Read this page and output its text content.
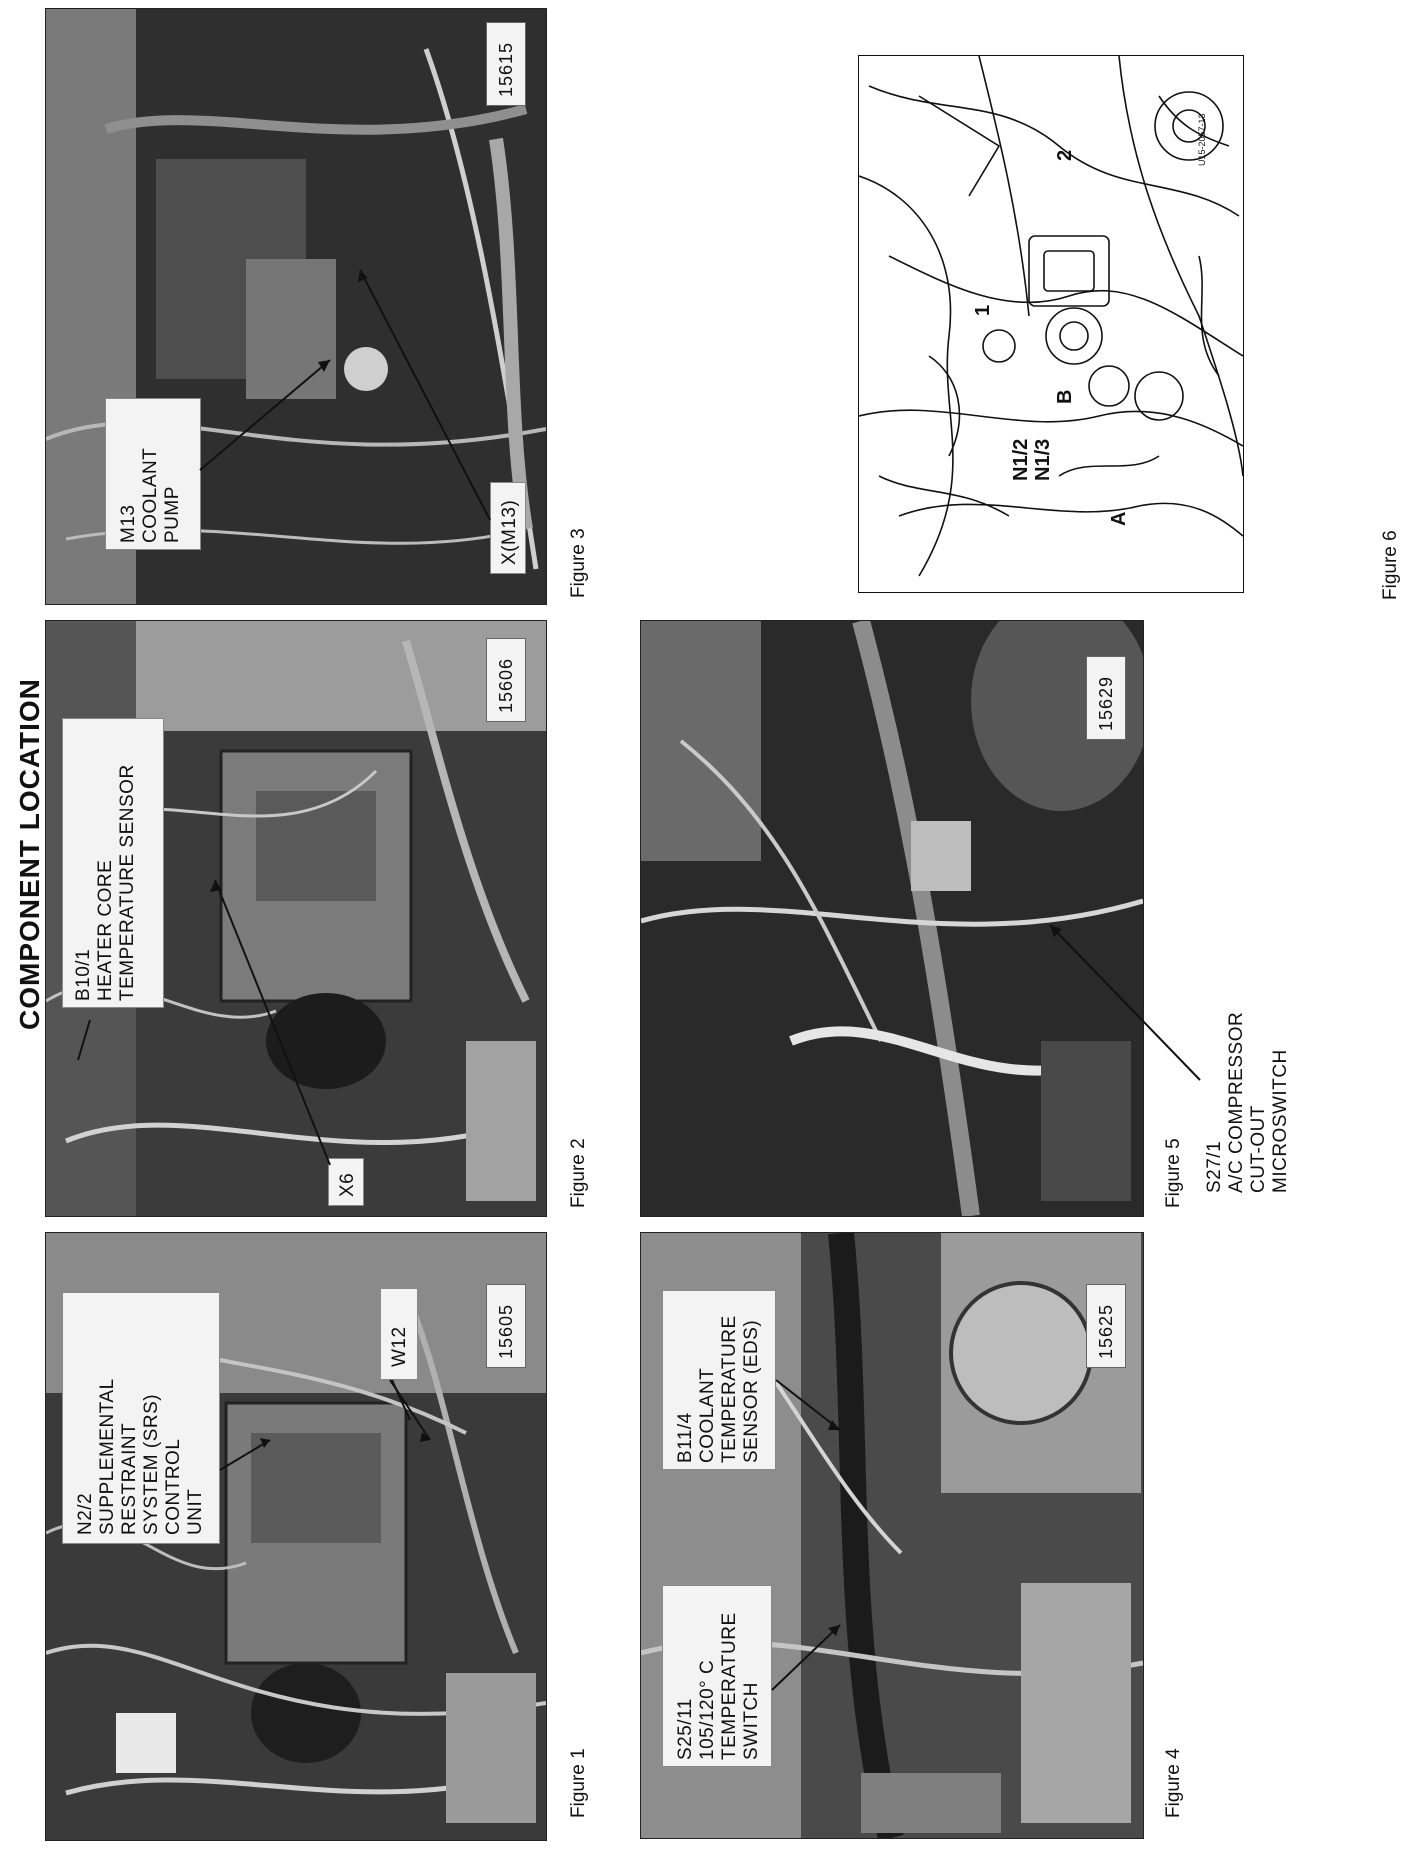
COMPONENT LOCATION
N2/2
SUPPLEMENTAL
RESTRAINT
SYSTEM (SRS)
CONTROL
UNIT
W12	15605
Figure 1
B10/1
HEATER CORE
TEMPERATURE SENSOR
X6
15606
Figure 2
M13
COOLANT
PUMP	X(M13)
15615
Figure 3
S25/11
105/120° C
TEMPERATURE
SWITCH
B11/4
COOLANT
TEMPERATURE
SENSOR (EDS)	15625
Figure 4
S27/1
A/C COMPRESSOR
CUT-OUT
MICROSWITCH
15629
Figure 5
N1/2 N1/3
B
A
1
2	U15-2057-13
Figure 6
